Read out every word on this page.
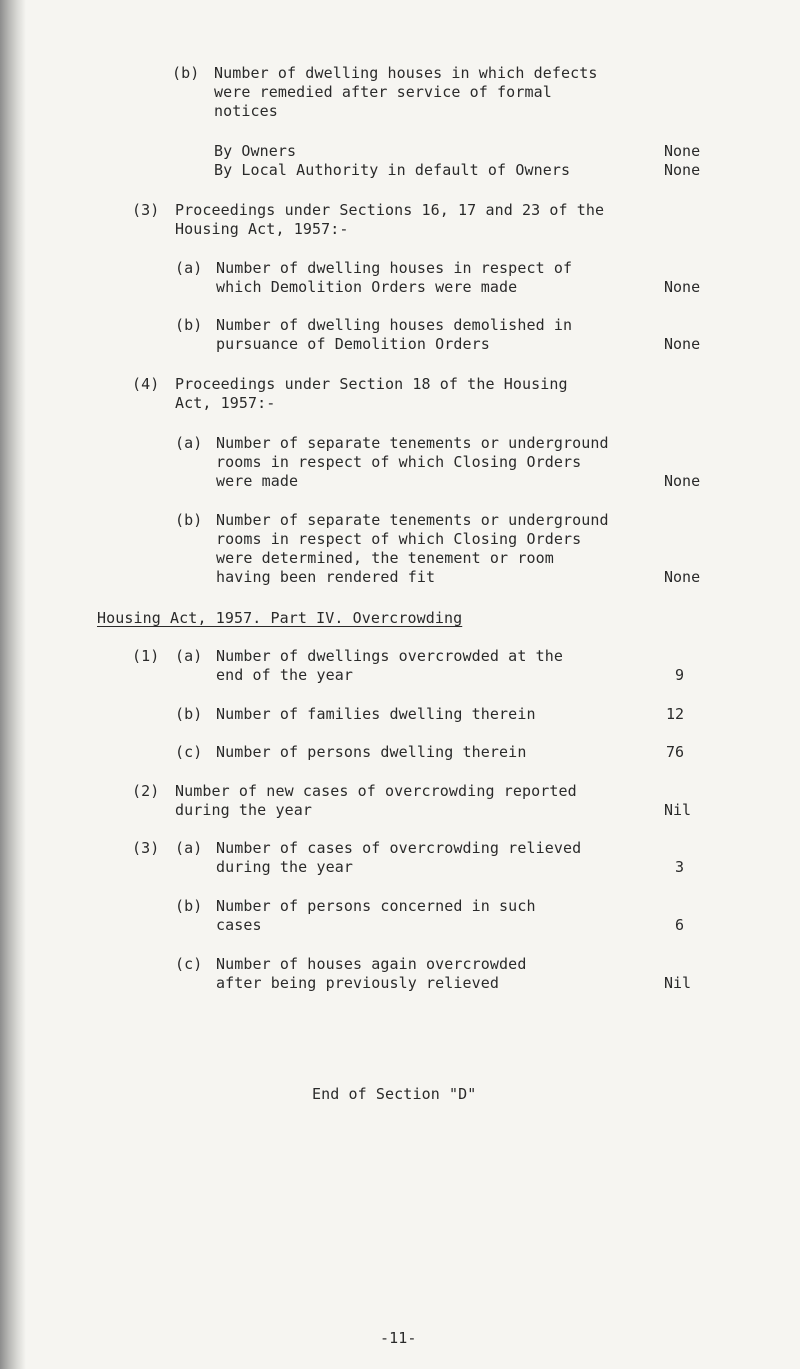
(b) Number of dwelling houses in which defects
were remedied after service of formal
notices
By Owners	None
By Local Authority in default of Owners	None
(3) Proceedings under Sections 16, 17 and 23 of the
Housing Act, 1957:-
(a) Number of dwelling houses in respect of
which Demolition Orders were made	None
(b) Number of dwelling houses demolished in
pursuance of Demolition Orders	None
(4) Proceedings under Section 18 of the Housing
Act, 1957:-
(a) Number of separate tenements or underground
rooms in respect of which Closing Orders
were made	None
(b) Number of separate tenements or underground
rooms in respect of which Closing Orders
were determined, the tenement or room
having been rendered fit	None
Housing Act, 1957. Part IV. Overcrowding
(1) (a) Number of dwellings overcrowded at the
end of the year	9
(b) Number of families dwelling therein	12
(c) Number of persons dwelling therein	76
(2) Number of new cases of overcrowding reported
during the year	Nil
(3) (a) Number of cases of overcrowding relieved
during the year	3
(b) Number of persons concerned in such
cases	6
(c) Number of houses again overcrowded
after being previously relieved	Nil
End of Section "D"
-11-
